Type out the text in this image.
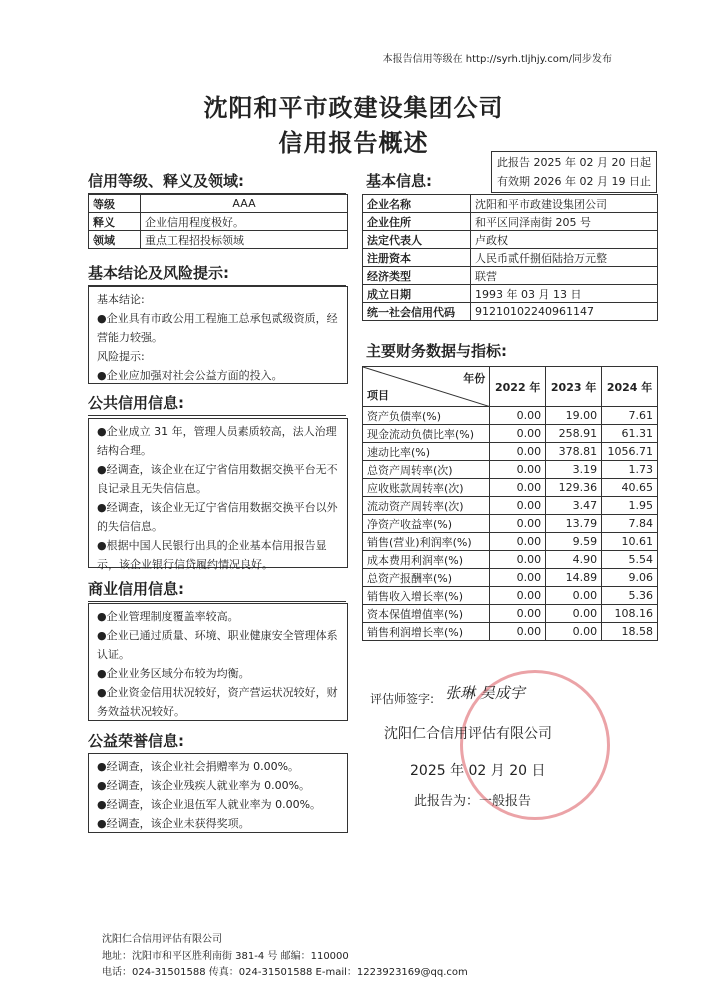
本报告信用等级在 http://syrh.tljhjy.com/同步发布
沈阳和平市政建设集团公司
信用报告概述
此报告 2025 年 02 月 20 日起
有效期 2026 年 02 月 19 日止
信用等级、释义及领域:
等级	AAA
释义	企业信用程度极好。
领域	重点工程招投标领域
基本结论及风险提示:
基本结论:
● 企业具有市政公用工程施工总承包贰级资质，经营能力较强。
风险提示:
● 企业应加强对社会公益方面的投入。
公共信用信息:
● 企业成立 31 年，管理人员素质较高，法人治理结构合理。
● 经调查，该企业在辽宁省信用数据交换平台无不良记录且无失信信息。
● 经调查，该企业无辽宁省信用数据交换平台以外的失信信息。
● 根据中国人民银行出具的企业基本信用报告显示，该企业银行信贷履约情况良好。
商业信用信息:
● 企业管理制度覆盖率较高。
● 企业已通过质量、环境、职业健康安全管理体系认证。
● 企业业务区域分布较为均衡。
● 企业资金信用状况较好，资产营运状况较好，财务效益状况较好。
公益荣誉信息:
● 经调查，该企业社会捐赠率为 0.00%。
● 经调查，该企业残疾人就业率为 0.00%。
● 经调查，该企业退伍军人就业率为 0.00%。
● 经调查，该企业未获得奖项。
基本信息:
企业名称	沈阳和平市政建设集团公司
企业住所	和平区同泽南街 205 号
法定代表人	卢政权
注册资本	人民币贰仟捌佰陆拾万元整
经济类型	联营
成立日期	1993 年 03 月 13 日
统一社会信用代码	91210102240961147
主要财务数据与指标:
年份
项目	2022 年	2023 年	2024 年
资产负债率(%)	0.00	19.00	7.61
现金流动负债比率(%)	0.00	258.91	61.31
速动比率(%)	0.00	378.81	1056.71
总资产周转率(次)	0.00	3.19	1.73
应收账款周转率(次)	0.00	129.36	40.65
流动资产周转率(次)	0.00	3.47	1.95
净资产收益率(%)	0.00	13.79	7.84
销售(营业)利润率(%)	0.00	9.59	10.61
成本费用利润率(%)	0.00	4.90	5.54
总资产报酬率(%)	0.00	14.89	9.06
销售收入增长率(%)	0.00	0.00	5.36
资本保值增值率(%)	0.00	0.00	108.16
销售利润增长率(%)	0.00	0.00	18.58
评估师签字: 张琳 吴成宇
沈阳仁合信用评估有限公司
2025 年 02 月 20 日
此报告为：一般报告
沈阳仁合信用评估有限公司
地址：沈阳市和平区胜利南街 381-4 号 邮编：110000
电话：024-31501588 传真：024-31501588 E-mail：1223923169@qq.com
